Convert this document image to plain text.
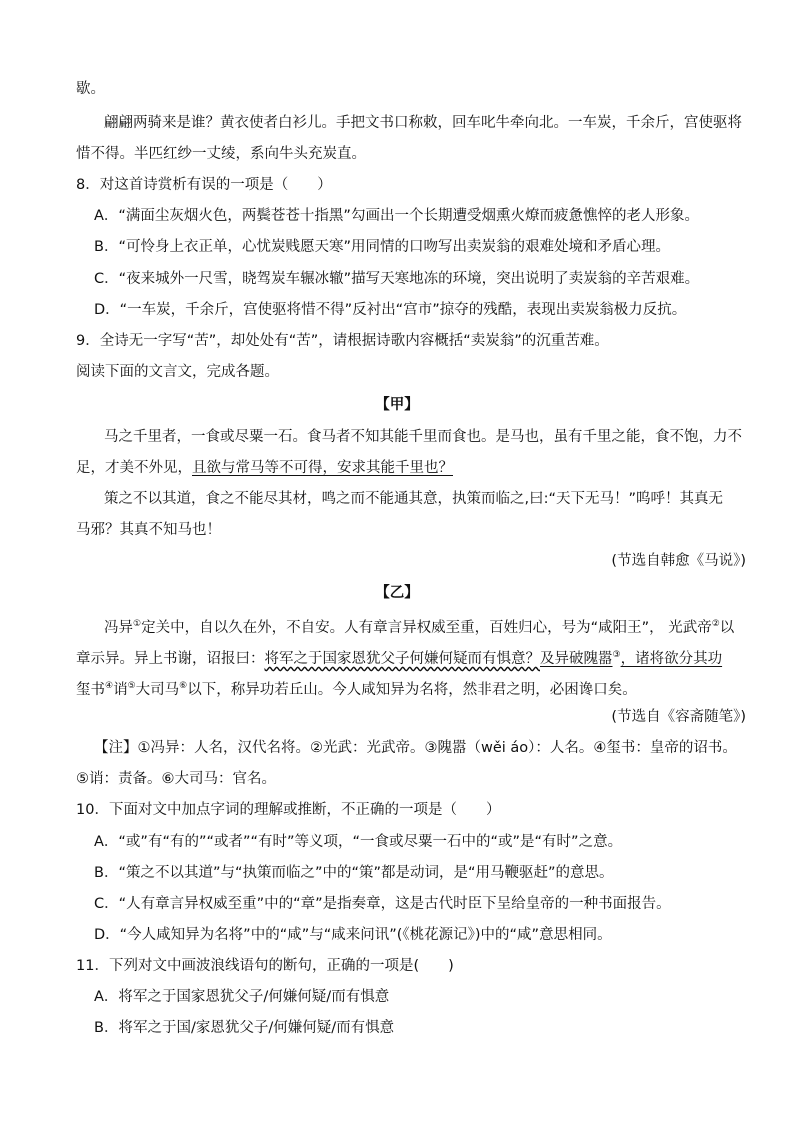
歇。
翩翩两骑来是谁？黄衣使者白衫儿。手把文书口称敕，回车叱牛牵向北。一车炭，千余斤，宫使驱将
惜不得。半匹红纱一丈绫，系向牛头充炭直。
8．对这首诗赏析有误的一项是（　　）
A．“满面尘灰烟火色，两鬓苍苍十指黑”勾画出一个长期遭受烟熏火燎而疲惫憔悴的老人形象。
B．“可怜身上衣正单，心忧炭贱愿天寒”用同情的口吻写出卖炭翁的艰难处境和矛盾心理。
C．“夜来城外一尺雪，晓驾炭车辗冰辙”描写天寒地冻的环境，突出说明了卖炭翁的辛苦艰难。
D．“一车炭，千余斤，宫使驱将惜不得”反衬出“宫市”掠夺的残酷，表现出卖炭翁极力反抗。
9．全诗无一字写“苦”，却处处有“苦”，请根据诗歌内容概括“卖炭翁”的沉重苦难。
阅读下面的文言文，完成各题。
【甲】
马之千里者，一食或尽粟一石。食马者不知其能千里而食也。是马也，虽有千里之能，食不饱，力不
足，才美不外见，且欲与常马等不可得，安求其能千里也？
策之不以其道，食之不能尽其材，鸣之而不能通其意，执策而临之,曰:“天下无马！”呜呼！其真无
马邪？其真不知马也！
(节选自韩愈《马说》)
【乙】
冯异①定关中，自以久在外，不自安。人有章言异权威至重，百姓归心，号为“咸阳王”， 光武帝②以
章示异。异上书谢，诏报曰：将军之于国家恩犹父子何嫌何疑而有惧意？及异破隗嚣③，诸将欲分其功
玺书④诮⑤大司马⑥以下，称异功若丘山。今人咸知异为名将，然非君之明，必困谗口矣。
(节选自《容斋随笔》)
【注】①冯异：人名，汉代名将。②光武：光武帝。③隗嚣（wěi áo）：人名。④玺书：皇帝的诏书。
⑤诮：责备。⑥大司马：官名。
10．下面对文中加点字词的理解或推断，不正确的一项是（　　）
A．“或”有“有的”“或者”“有时”等义项，“一食或尽粟一石中的“或”是“有时”之意。
B．“策之不以其道”与“执策而临之”中的“策”都是动词，是“用马鞭驱赶”的意思。
C．“人有章言异权威至重”中的“章”是指奏章，这是古代时臣下呈给皇帝的一种书面报告。
D．“今人咸知异为名将”中的“咸”与“咸来问讯”(《桃花源记》)中的“咸”意思相同。
11．下列对文中画波浪线语句的断句，正确的一项是(　　)
A．将军之于国家恩犹父子/何嫌何疑/而有惧意
B．将军之于国/家恩犹父子/何嫌何疑/而有惧意
